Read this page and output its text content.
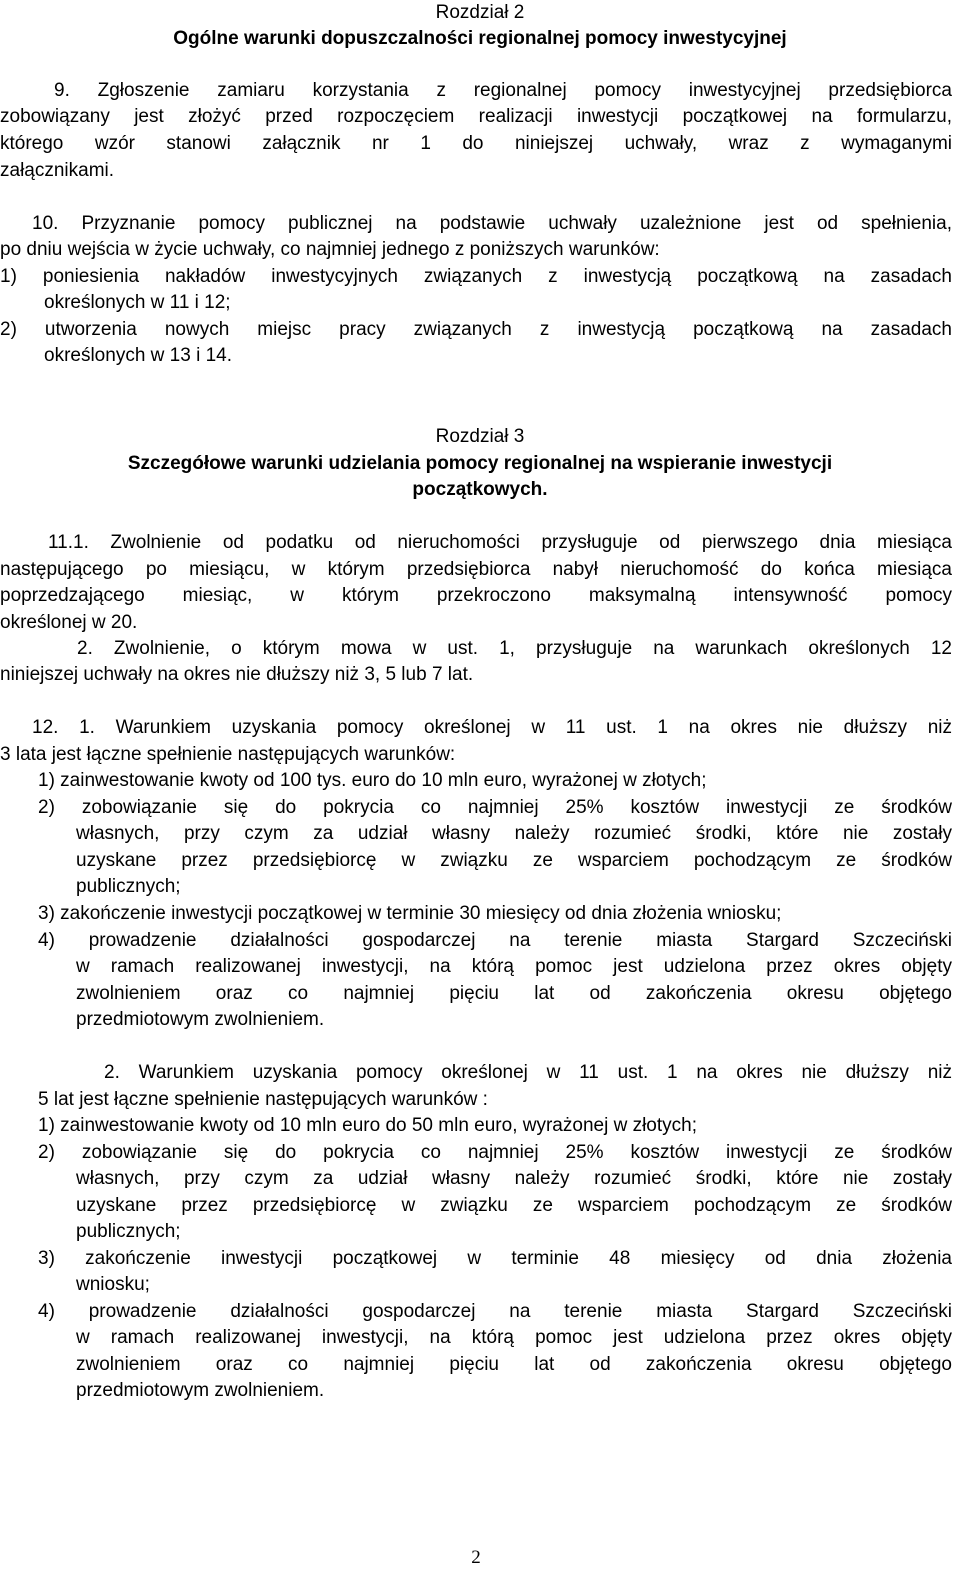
Rozdział 2
Ogólne warunki dopuszczalności regionalnej pomocy inwestycyjnej
9. Zgłoszenie zamiaru korzystania z regionalnej pomocy inwestycyjnej przedsiębiorca
zobowiązany jest złożyć przed rozpoczęciem realizacji inwestycji początkowej na formularzu,
którego wzór stanowi załącznik nr 1 do niniejszej uchwały, wraz z wymaganymi
załącznikami.
10. Przyznanie pomocy publicznej na podstawie uchwały uzależnione jest od spełnienia,
po dniu wejścia w życie uchwały, co najmniej jednego z poniższych warunków:
1) poniesienia nakładów inwestycyjnych związanych z inwestycją początkową na zasadach
określonych w 11 i 12;
2) utworzenia nowych miejsc pracy związanych z inwestycją początkową na zasadach
określonych w 13 i 14.
Rozdział 3
Szczegółowe warunki udzielania pomocy regionalnej na wspieranie inwestycji
początkowych.
11.1. Zwolnienie od podatku od nieruchomości przysługuje od pierwszego dnia miesiąca
następującego po miesiącu, w którym przedsiębiorca nabył nieruchomość do końca miesiąca
poprzedzającego miesiąc, w którym przekroczono maksymalną intensywność pomocy
określonej w 20.
2. Zwolnienie, o którym mowa w ust. 1, przysługuje na warunkach określonych 12
niniejszej uchwały na okres nie dłuższy niż 3, 5 lub 7 lat.
12. 1. Warunkiem uzyskania pomocy określonej w 11 ust. 1 na okres nie dłuższy niż
3 lata jest łączne spełnienie następujących warunków:
1) zainwestowanie kwoty od 100 tys. euro do 10 mln euro, wyrażonej w złotych;
2) zobowiązanie się do pokrycia co najmniej 25% kosztów inwestycji ze środków
własnych, przy czym za udział własny należy rozumieć środki, które nie zostały
uzyskane przez przedsiębiorcę w związku ze wsparciem pochodzącym ze środków
publicznych;
3) zakończenie inwestycji początkowej w terminie 30 miesięcy od dnia złożenia wniosku;
4) prowadzenie działalności gospodarczej na terenie miasta Stargard Szczeciński
w ramach realizowanej inwestycji, na którą pomoc jest udzielona przez okres objęty
zwolnieniem oraz co najmniej pięciu lat od zakończenia okresu objętego
przedmiotowym zwolnieniem.
2. Warunkiem uzyskania pomocy określonej w 11 ust. 1 na okres nie dłuższy niż
5 lat jest łączne spełnienie następujących warunków :
1) zainwestowanie kwoty od 10 mln euro do 50 mln euro, wyrażonej w złotych;
2) zobowiązanie się do pokrycia co najmniej 25% kosztów inwestycji ze środków
własnych, przy czym za udział własny należy rozumieć środki, które nie zostały
uzyskane przez przedsiębiorcę w związku ze wsparciem pochodzącym ze środków
publicznych;
3) zakończenie inwestycji początkowej w terminie 48 miesięcy od dnia złożenia
wniosku;
4) prowadzenie działalności gospodarczej na terenie miasta Stargard Szczeciński
w ramach realizowanej inwestycji, na którą pomoc jest udzielona przez okres objęty
zwolnieniem oraz co najmniej pięciu lat od zakończenia okresu objętego
przedmiotowym zwolnieniem.
2
